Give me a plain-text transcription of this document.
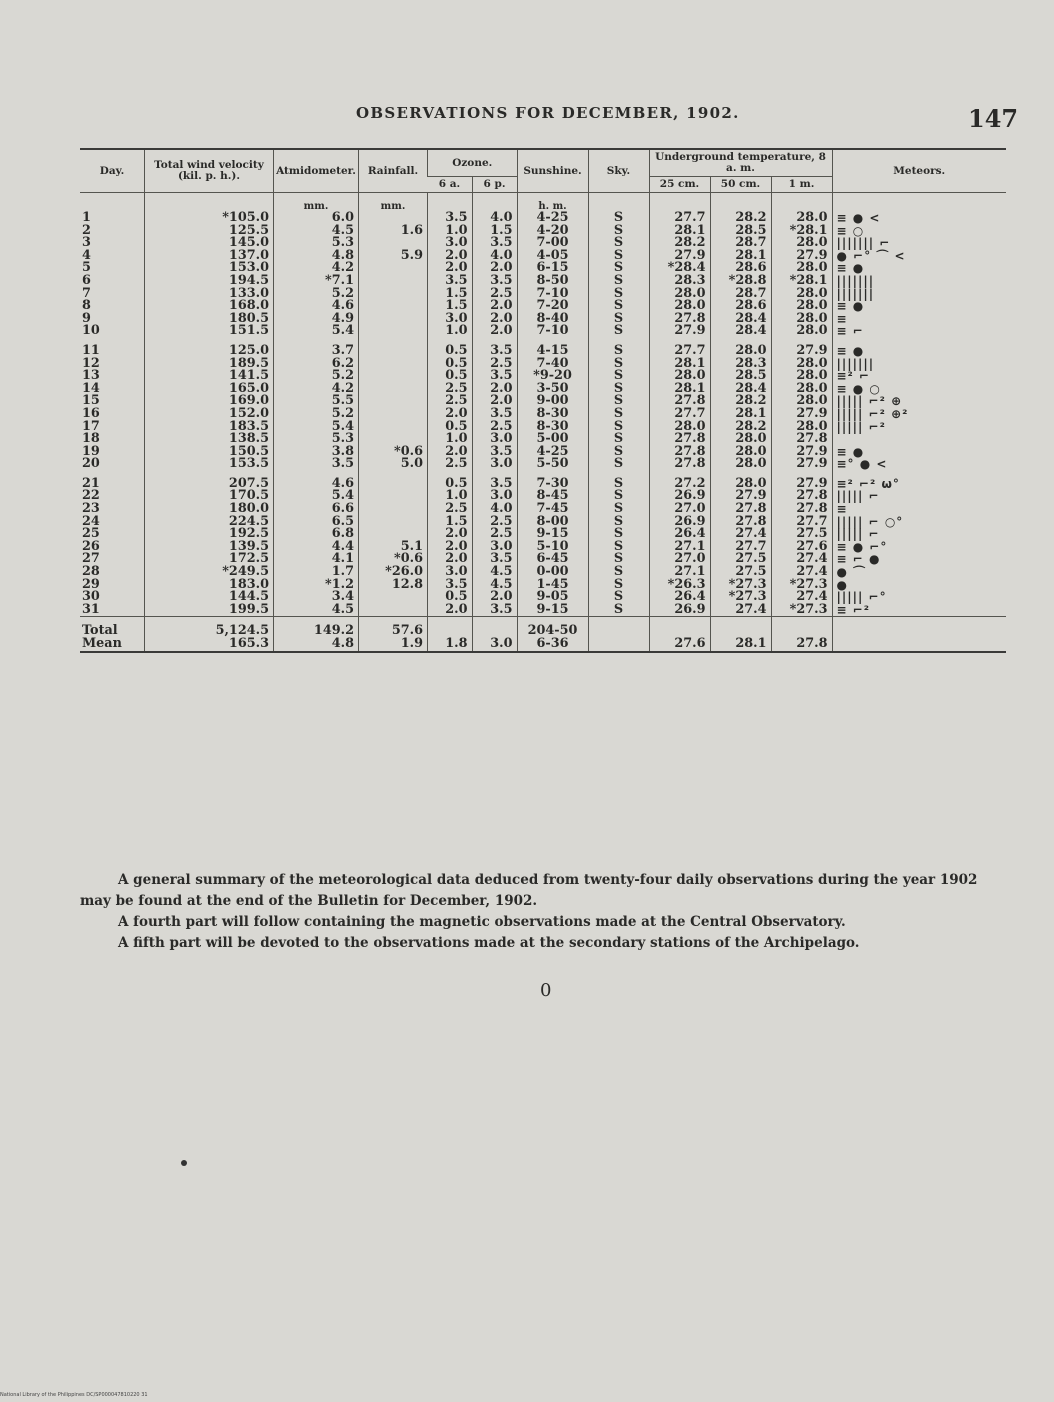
OBSERVATIONS FOR DECEMBER, 1902.	147
Day.	Total wind velocity (kil. p. h.).	Atmidometer.	Rainfall.	Ozone.		Sunshine.	Sky.	Underground temperature, 8 a. m.			Meteors.
				6 a.	6 p.			25 cm.	50 cm.	1 m.	
		mm.	mm.			h. m.					
1	*105.0	6.0		3.5	4.0	4-25	S	27.7	28.2	28.0	≡ ● <
2	125.5	4.5	1.6	1.0	1.5	4-20	S	28.1	28.5	*28.1	≡ ○
3	145.0	5.3		3.0	3.5	7-00	S	28.2	28.7	28.0	||||||| ⌐
4	137.0	4.8	5.9	2.0	4.0	4-05	S	27.9	28.1	27.9	● ⌐° ⌒ <
5	153.0	4.2		2.0	2.0	6-15	S	*28.4	28.6	28.0	≡ ●
6	194.5	*7.1		3.5	3.5	8-50	S	28.3	*28.8	*28.1	|||||||
7	133.0	5.2		1.5	2.5	7-10	S	28.0	28.7	28.0	|||||||
8	168.0	4.6		1.5	2.0	7-20	S	28.0	28.6	28.0	≡ ●
9	180.5	4.9		3.0	2.0	8-40	S	27.8	28.4	28.0	≡
10	151.5	5.4		1.0	2.0	7-10	S	27.9	28.4	28.0	≡ ⌐

11	125.0	3.7		0.5	3.5	4-15	S	27.7	28.0	27.9	≡ ●
12	189.5	6.2		0.5	2.5	7-40	S	28.1	28.3	28.0	|||||||
13	141.5	5.2		0.5	3.5	*9-20	S	28.0	28.5	28.0	≡² ⌐
14	165.0	4.2		2.5	2.0	3-50	S	28.1	28.4	28.0	≡ ● ○
15	169.0	5.5		2.5	2.0	9-00	S	27.8	28.2	28.0	||||| ⌐² ⊕
16	152.0	5.2		2.0	3.5	8-30	S	27.7	28.1	27.9	||||| ⌐² ⊕²
17	183.5	5.4		0.5	2.5	8-30	S	28.0	28.2	28.0	||||| ⌐²
18	138.5	5.3		1.0	3.0	5-00	S	27.8	28.0	27.8	
19	150.5	3.8	*0.6	2.0	3.5	4-25	S	27.8	28.0	27.9	≡ ●
20	153.5	3.5	5.0	2.5	3.0	5-50	S	27.8	28.0	27.9	≡° ● <

21	207.5	4.6		0.5	3.5	7-30	S	27.2	28.0	27.9	≡² ⌐² ω°
22	170.5	5.4		1.0	3.0	8-45	S	26.9	27.9	27.8	||||| ⌐
23	180.0	6.6		2.5	4.0	7-45	S	27.0	27.8	27.8	≡
24	224.5	6.5		1.5	2.5	8-00	S	26.9	27.8	27.7	||||| ⌐ ○°
25	192.5	6.8		2.0	2.5	9-15	S	26.4	27.4	27.5	||||| ⌐
26	139.5	4.4	5.1	2.0	3.0	5-10	S	27.1	27.7	27.6	≡ ● ⌐°
27	172.5	4.1	*0.6	2.0	3.5	6-45	S	27.0	27.5	27.4	≡ ⌐ ●
28	*249.5	1.7	*26.0	3.0	4.5	0-00	S	27.1	27.5	27.4	● ⌒
29	183.0	*1.2	12.8	3.5	4.5	1-45	S	*26.3	*27.3	*27.3	●
30	144.5	3.4		0.5	2.0	9-05	S	26.4	*27.3	27.4	||||| ⌐°
31	199.5	4.5		2.0	3.5	9-15	S	26.9	27.4	*27.3	≡ ⌐²
Total	5,124.5	149.2	57.6			204-50					
Mean	165.3	4.8	1.9	1.8	3.0	6-36		27.6	28.1	27.8	

A general summary of the meteorological data deduced from twenty-four daily observations during the year 1902 may be found at the end of the Bulletin for December, 1902.

A fourth part will follow containing the magnetic observations made at the Central Observatory.

A fifth part will be devoted to the observations made at the secondary stations of the Archipelago.

0
National Library of the Philippines DC/SP000047810220 31
